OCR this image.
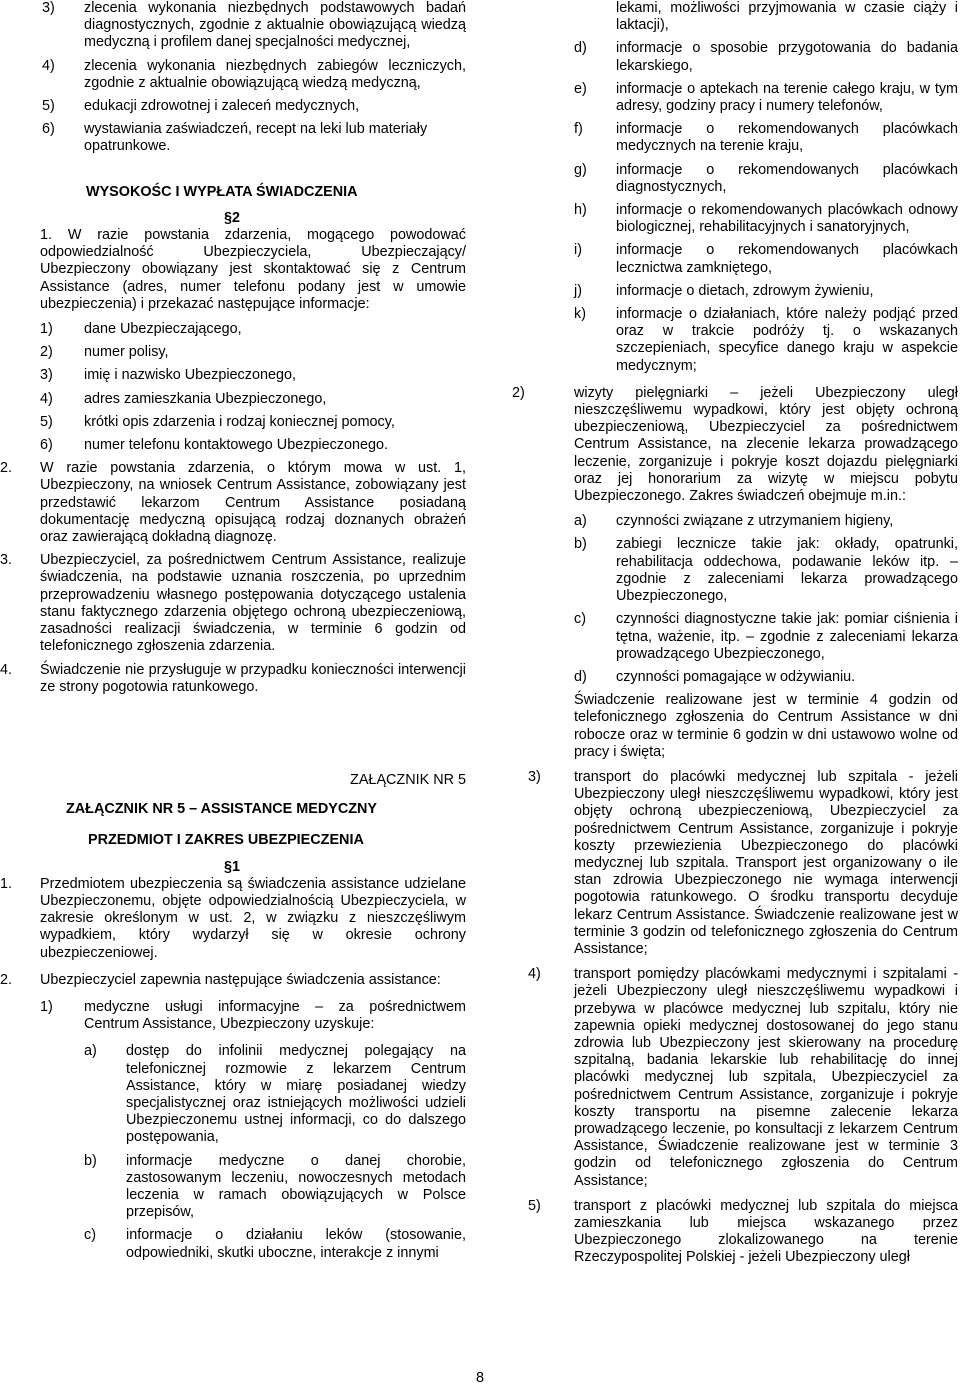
3)	zlecenia wykonania niezbędnych podstawowych badań diagnostycznych, zgodnie z aktualnie obowiązującą wiedzą medyczną i profilem danej specjalności medycznej,
4)	zlecenia wykonania niezbędnych zabiegów leczniczych, zgodnie z aktualnie obowiązującą wiedzą medyczną,
5)	edukacji zdrowotnej i zaleceń medycznych,
6)	wystawiania zaświadczeń, recept na leki lub materiały opatrunkowe.
WYSOKOŚC I WYPŁATA ŚWIADCZENIA
§2
1. W razie powstania zdarzenia, mogącego powodować odpowiedzialność Ubezpieczyciela, Ubezpieczający/ Ubezpieczony obowiązany jest skontaktować się z Centrum Assistance (adres, numer telefonu podany jest w umowie ubezpieczenia) i przekazać następujące informacje:
1)	dane Ubezpieczającego,
2)	numer polisy,
3)	imię i nazwisko Ubezpieczonego,
4)	adres zamieszkania Ubezpieczonego,
5)	krótki opis zdarzenia i rodzaj koniecznej pomocy,
6)	numer telefonu kontaktowego Ubezpieczonego.
2.	W razie powstania zdarzenia, o którym mowa w ust. 1, Ubezpieczony, na wniosek Centrum Assistance, zobowiązany jest przedstawić lekarzom Centrum Assistance posiadaną dokumentację medyczną opisującą rodzaj doznanych obrażeń oraz zawierającą dokładną diagnozę.
3.	Ubezpieczyciel, za pośrednictwem Centrum Assistance, realizuje świadczenia, na podstawie uznania roszczenia, po uprzednim przeprowadzeniu własnego postępowania dotyczącego ustalenia stanu faktycznego zdarzenia objętego ochroną ubezpieczeniową, zasadności realizacji świadczenia, w terminie 6 godzin od telefonicznego zgłoszenia zdarzenia.
4.	Świadczenie nie przysługuje w przypadku konieczności interwencji ze strony pogotowia ratunkowego.
ZAŁĄCZNIK NR 5
ZAŁĄCZNIK NR 5 – ASSISTANCE MEDYCZNY
PRZEDMIOT I ZAKRES UBEZPIECZENIA
§1
1.	Przedmiotem ubezpieczenia są świadczenia assistance udzielane Ubezpieczonemu, objęte odpowiedzialnością Ubezpieczyciela, w zakresie określonym w ust. 2, w związku z nieszczęśliwym wypadkiem, który wydarzył się w okresie ochrony ubezpieczeniowej.
2.	Ubezpieczyciel zapewnia następujące świadczenia assistance:
1)	medyczne usługi informacyjne – za pośrednictwem Centrum Assistance, Ubezpieczony uzyskuje:
a)	dostęp do infolinii medycznej polegający na telefonicznej rozmowie z lekarzem Centrum Assistance, który w miarę posiadanej wiedzy specjalistycznej oraz istniejących możliwości udzieli Ubezpieczonemu ustnej informacji, co do dalszego postępowania,
b)	informacje medyczne o danej chorobie, zastosowanym leczeniu, nowoczesnych metodach leczenia w ramach obowiązujących w Polsce przepisów,
c)	informacje o działaniu leków (stosowanie, odpowiedniki, skutki uboczne, interakcje z innymi
lekami, możliwości przyjmowania w czasie ciąży i laktacji),
d)	informacje o sposobie przygotowania do badania lekarskiego,
e)	informacje o aptekach na terenie całego kraju, w tym adresy, godziny pracy i numery telefonów,
f)	informacje o rekomendowanych placówkach medycznych na terenie kraju,
g)	informacje o rekomendowanych placówkach diagnostycznych,
h)	informacje o rekomendowanych placówkach odnowy biologicznej, rehabilitacyjnych i sanatoryjnych,
i)	informacje o rekomendowanych placówkach lecznictwa zamkniętego,
j)	informacje o dietach, zdrowym żywieniu,
k)	informacje o działaniach, które należy podjąć przed oraz w trakcie podróży tj. o wskazanych szczepieniach, specyfice danego kraju w aspekcie medycznym;
2)	wizyty pielęgniarki – jeżeli Ubezpieczony uległ nieszczęśliwemu wypadkowi, który jest objęty ochroną ubezpieczeniową, Ubezpieczyciel za pośrednictwem Centrum Assistance, na zlecenie lekarza prowadzącego leczenie, zorganizuje i pokryje koszt dojazdu pielęgniarki oraz jej honorarium za wizytę w miejscu pobytu Ubezpieczonego. Zakres świadczeń obejmuje m.in.:
a)	czynności związane z utrzymaniem higieny,
b)	zabiegi lecznicze takie jak: okłady, opatrunki, rehabilitacja oddechowa, podawanie leków itp. – zgodnie z zaleceniami lekarza prowadzącego Ubezpieczonego,
c)	czynności diagnostyczne takie jak: pomiar ciśnienia i tętna, ważenie, itp. – zgodnie z zaleceniami lekarza prowadzącego Ubezpieczonego,
d)	czynności pomagające w odżywianiu.
Świadczenie realizowane jest w terminie 4 godzin od telefonicznego zgłoszenia do Centrum Assistance w dni robocze oraz w terminie 6 godzin w dni ustawowo wolne od pracy i święta;
3)	transport do placówki medycznej lub szpitala - jeżeli Ubezpieczony uległ nieszczęśliwemu wypadkowi, który jest objęty ochroną ubezpieczeniową, Ubezpieczyciel za pośrednictwem Centrum Assistance, zorganizuje i pokryje koszty przewiezienia Ubezpieczonego do placówki medycznej lub szpitala. Transport jest organizowany o ile stan zdrowia Ubezpieczonego nie wymaga interwencji pogotowia ratunkowego. O środku transportu decyduje lekarz Centrum Assistance. Świadczenie realizowane jest w terminie 3 godzin od telefonicznego zgłoszenia do Centrum Assistance;
4)	transport pomiędzy placówkami medycznymi i szpitalami - jeżeli Ubezpieczony uległ nieszczęśliwemu wypadkowi i przebywa w placówce medycznej lub szpitalu, który nie zapewnia opieki medycznej dostosowanej do jego stanu zdrowia lub Ubezpieczony jest skierowany na procedurę szpitalną, badania lekarskie lub rehabilitację do innej placówki medycznej lub szpitala, Ubezpieczyciel za pośrednictwem Centrum Assistance, zorganizuje i pokryje koszty transportu na pisemne zalecenie lekarza prowadzącego leczenie, po konsultacji z lekarzem Centrum Assistance, Świadczenie realizowane jest w terminie 3 godzin od telefonicznego zgłoszenia do Centrum Assistance;
5)	transport z placówki medycznej lub szpitala do miejsca zamieszkania lub miejsca wskazanego przez Ubezpieczonego zlokalizowanego na terenie Rzeczypospolitej Polskiej - jeżeli Ubezpieczony uległ
8
